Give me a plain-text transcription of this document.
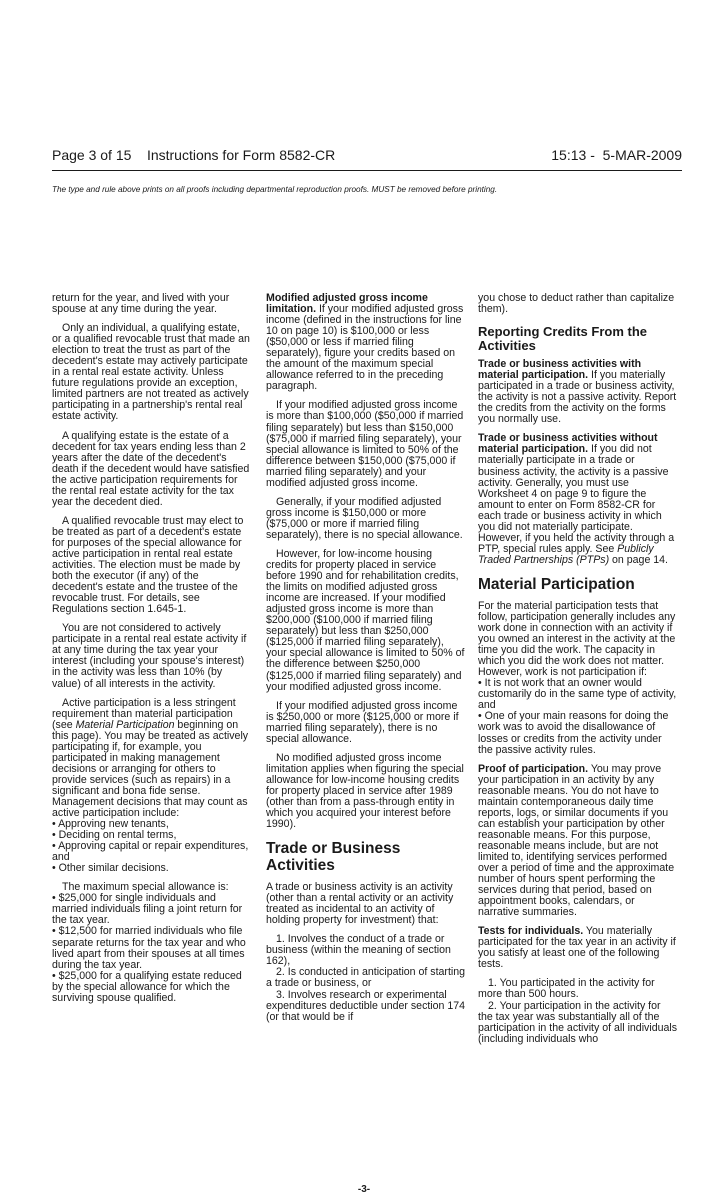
Page 3 of 15    Instructions for Form 8582-CR	15:13 -  5-MAR-2009
The type and rule above prints on all proofs including departmental reproduction proofs. MUST be removed before printing.

return for the year, and lived with your spouse at any time during the year.

Only an individual, a qualifying estate, or a qualified revocable trust that made an election to treat the trust as part of the decedent's estate may actively participate in a rental real estate activity. Unless future regulations provide an exception, limited partners are not treated as actively participating in a partnership's rental real estate activity.

A qualifying estate is the estate of a decedent for tax years ending less than 2 years after the date of the decedent's death if the decedent would have satisfied the active participation requirements for the rental real estate activity for the tax year the decedent died.

A qualified revocable trust may elect to be treated as part of a decedent's estate for purposes of the special allowance for active participation in rental real estate activities. The election must be made by both the executor (if any) of the decedent's estate and the trustee of the revocable trust. For details, see Regulations section 1.645-1.

You are not considered to actively participate in a rental real estate activity if at any time during the tax year your interest (including your spouse's interest) in the activity was less than 10% (by value) of all interests in the activity.

Active participation is a less stringent requirement than material participation (see Material Participation beginning on this page). You may be treated as actively participating if, for example, you participated in making management decisions or arranging for others to provide services (such as repairs) in a significant and bona fide sense. Management decisions that may count as active participation include:

• Approving new tenants,

• Deciding on rental terms,

• Approving capital or repair expenditures, and

• Other similar decisions.

The maximum special allowance is:

• $25,000 for single individuals and married individuals filing a joint return for the tax year.

• $12,500 for married individuals who file separate returns for the tax year and who lived apart from their spouses at all times during the tax year.

• $25,000 for a qualifying estate reduced by the special allowance for which the surviving spouse qualified.

Modified adjusted gross income limitation. If your modified adjusted gross income (defined in the instructions for line 10 on page 10) is $100,000 or less ($50,000 or less if married filing separately), figure your credits based on the amount of the maximum special allowance referred to in the preceding paragraph.

If your modified adjusted gross income is more than $100,000 ($50,000 if married filing separately) but less than $150,000 ($75,000 if married filing separately), your special allowance is limited to 50% of the difference between $150,000 ($75,000 if married filing separately) and your modified adjusted gross income.

Generally, if your modified adjusted gross income is $150,000 or more ($75,000 or more if married filing separately), there is no special allowance.

However, for low-income housing credits for property placed in service before 1990 and for rehabilitation credits, the limits on modified adjusted gross income are increased. If your modified adjusted gross income is more than $200,000 ($100,000 if married filing separately) but less than $250,000 ($125,000 if married filing separately), your special allowance is limited to 50% of the difference between $250,000 ($125,000 if married filing separately) and your modified adjusted gross income.

If your modified adjusted gross income is $250,000 or more ($125,000 or more if married filing separately), there is no special allowance.

No modified adjusted gross income limitation applies when figuring the special allowance for low-income housing credits for property placed in service after 1989 (other than from a pass-through entity in which you acquired your interest before 1990).

Trade or Business Activities

A trade or business activity is an activity (other than a rental activity or an activity treated as incidental to an activity of holding property for investment) that:

1. Involves the conduct of a trade or business (within the meaning of section 162),

2. Is conducted in anticipation of starting a trade or business, or

3. Involves research or experimental expenditures deductible under section 174 (or that would be if

you chose to deduct rather than capitalize them).

Reporting Credits From the Activities

Trade or business activities with material participation. If you materially participated in a trade or business activity, the activity is not a passive activity. Report the credits from the activity on the forms you normally use.

Trade or business activities without material participation. If you did not materially participate in a trade or business activity, the activity is a passive activity. Generally, you must use Worksheet 4 on page 9 to figure the amount to enter on Form 8582-CR for each trade or business activity in which you did not materially participate. However, if you held the activity through a PTP, special rules apply. See Publicly Traded Partnerships (PTPs) on page 14.

Material Participation

For the material participation tests that follow, participation generally includes any work done in connection with an activity if you owned an interest in the activity at the time you did the work. The capacity in which you did the work does not matter. However, work is not participation if:

• It is not work that an owner would customarily do in the same type of activity, and

• One of your main reasons for doing the work was to avoid the disallowance of losses or credits from the activity under the passive activity rules.

Proof of participation. You may prove your participation in an activity by any reasonable means. You do not have to maintain contemporaneous daily time reports, logs, or similar documents if you can establish your participation by other reasonable means. For this purpose, reasonable means include, but are not limited to, identifying services performed over a period of time and the approximate number of hours spent performing the services during that period, based on appointment books, calendars, or narrative summaries.

Tests for individuals. You materially participated for the tax year in an activity if you satisfy at least one of the following tests.

1. You participated in the activity for more than 500 hours.

2. Your participation in the activity for the tax year was substantially all of the participation in the activity of all individuals (including individuals who

-3-
